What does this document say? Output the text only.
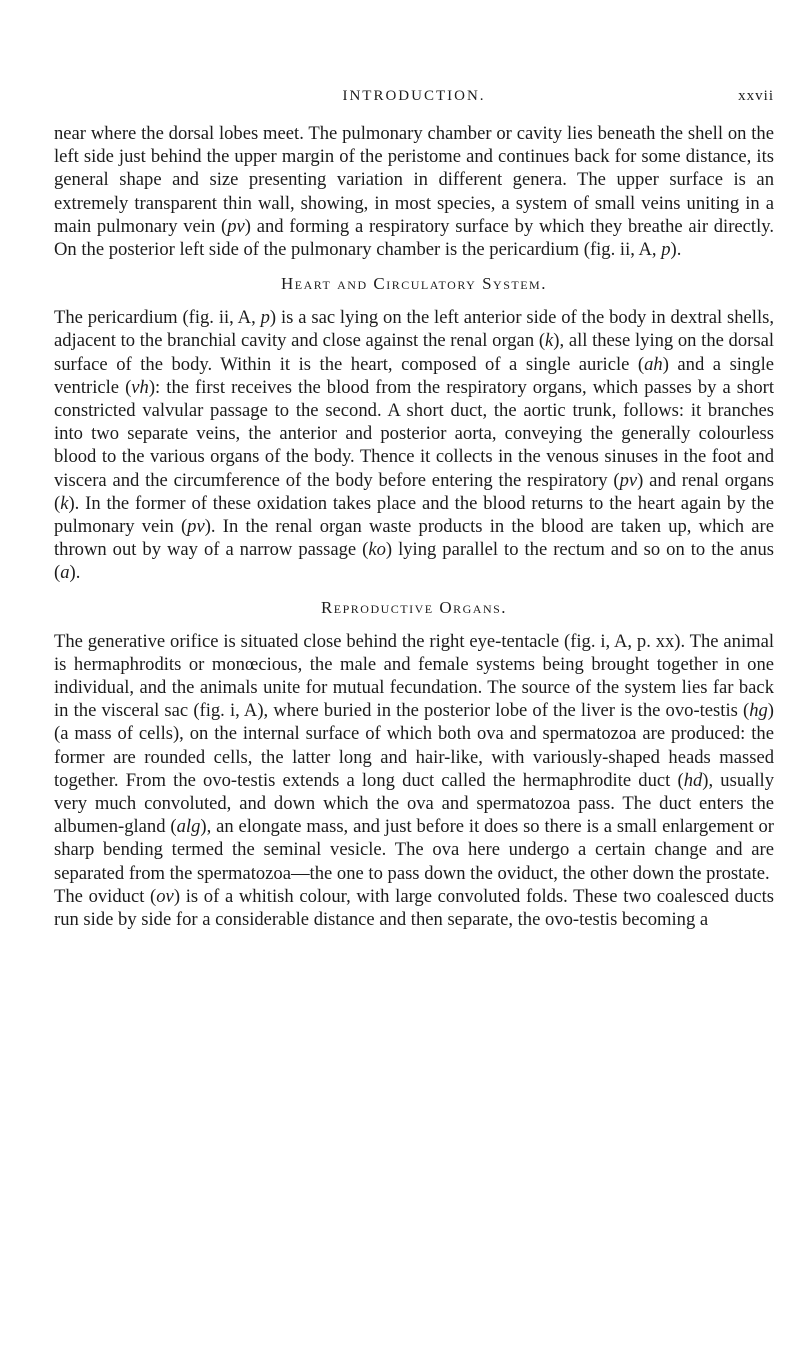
INTRODUCTION.	xxvii

near where the dorsal lobes meet. The pulmonary chamber or cavity lies beneath the shell on the left side just behind the upper margin of the peristome and continues back for some distance, its general shape and size presenting variation in different genera. The upper surface is an extremely transparent thin wall, showing, in most species, a system of small veins uniting in a main pulmonary vein (pv) and forming a respiratory surface by which they breathe air directly. On the posterior left side of the pulmonary chamber is the pericardium (fig. ii, A, p).

Heart and Circulatory System.

The pericardium (fig. ii, A, p) is a sac lying on the left anterior side of the body in dextral shells, adjacent to the branchial cavity and close against the renal organ (k), all these lying on the dorsal surface of the body. Within it is the heart, composed of a single auricle (ah) and a single ventricle (vh): the first receives the blood from the respiratory organs, which passes by a short constricted valvular passage to the second. A short duct, the aortic trunk, follows: it branches into two separate veins, the anterior and posterior aorta, conveying the generally colourless blood to the various organs of the body. Thence it collects in the venous sinuses in the foot and viscera and the circumference of the body before entering the respiratory (pv) and renal organs (k). In the former of these oxidation takes place and the blood returns to the heart again by the pulmonary vein (pv). In the renal organ waste products in the blood are taken up, which are thrown out by way of a narrow passage (ko) lying parallel to the rectum and so on to the anus (a).

Reproductive Organs.

The generative orifice is situated close behind the right eye-tentacle (fig. i, A, p. xx). The animal is hermaphrodits or monœcious, the male and female systems being brought together in one individual, and the animals unite for mutual fecundation. The source of the system lies far back in the visceral sac (fig. i, A), where buried in the posterior lobe of the liver is the ovo-testis (hg) (a mass of cells), on the internal surface of which both ova and spermatozoa are produced: the former are rounded cells, the latter long and hair-like, with variously-shaped heads massed together. From the ovo-testis extends a long duct called the hermaphrodite duct (hd), usually very much convoluted, and down which the ova and spermatozoa pass. The duct enters the albumen-gland (alg), an elongate mass, and just before it does so there is a small enlargement or sharp bending termed the seminal vesicle. The ova here undergo a certain change and are separated from the spermatozoa—the one to pass down the oviduct, the other down the prostate.

The oviduct (ov) is of a whitish colour, with large convoluted folds. These two coalesced ducts run side by side for a considerable distance and then separate, the ovo-testis becoming a
